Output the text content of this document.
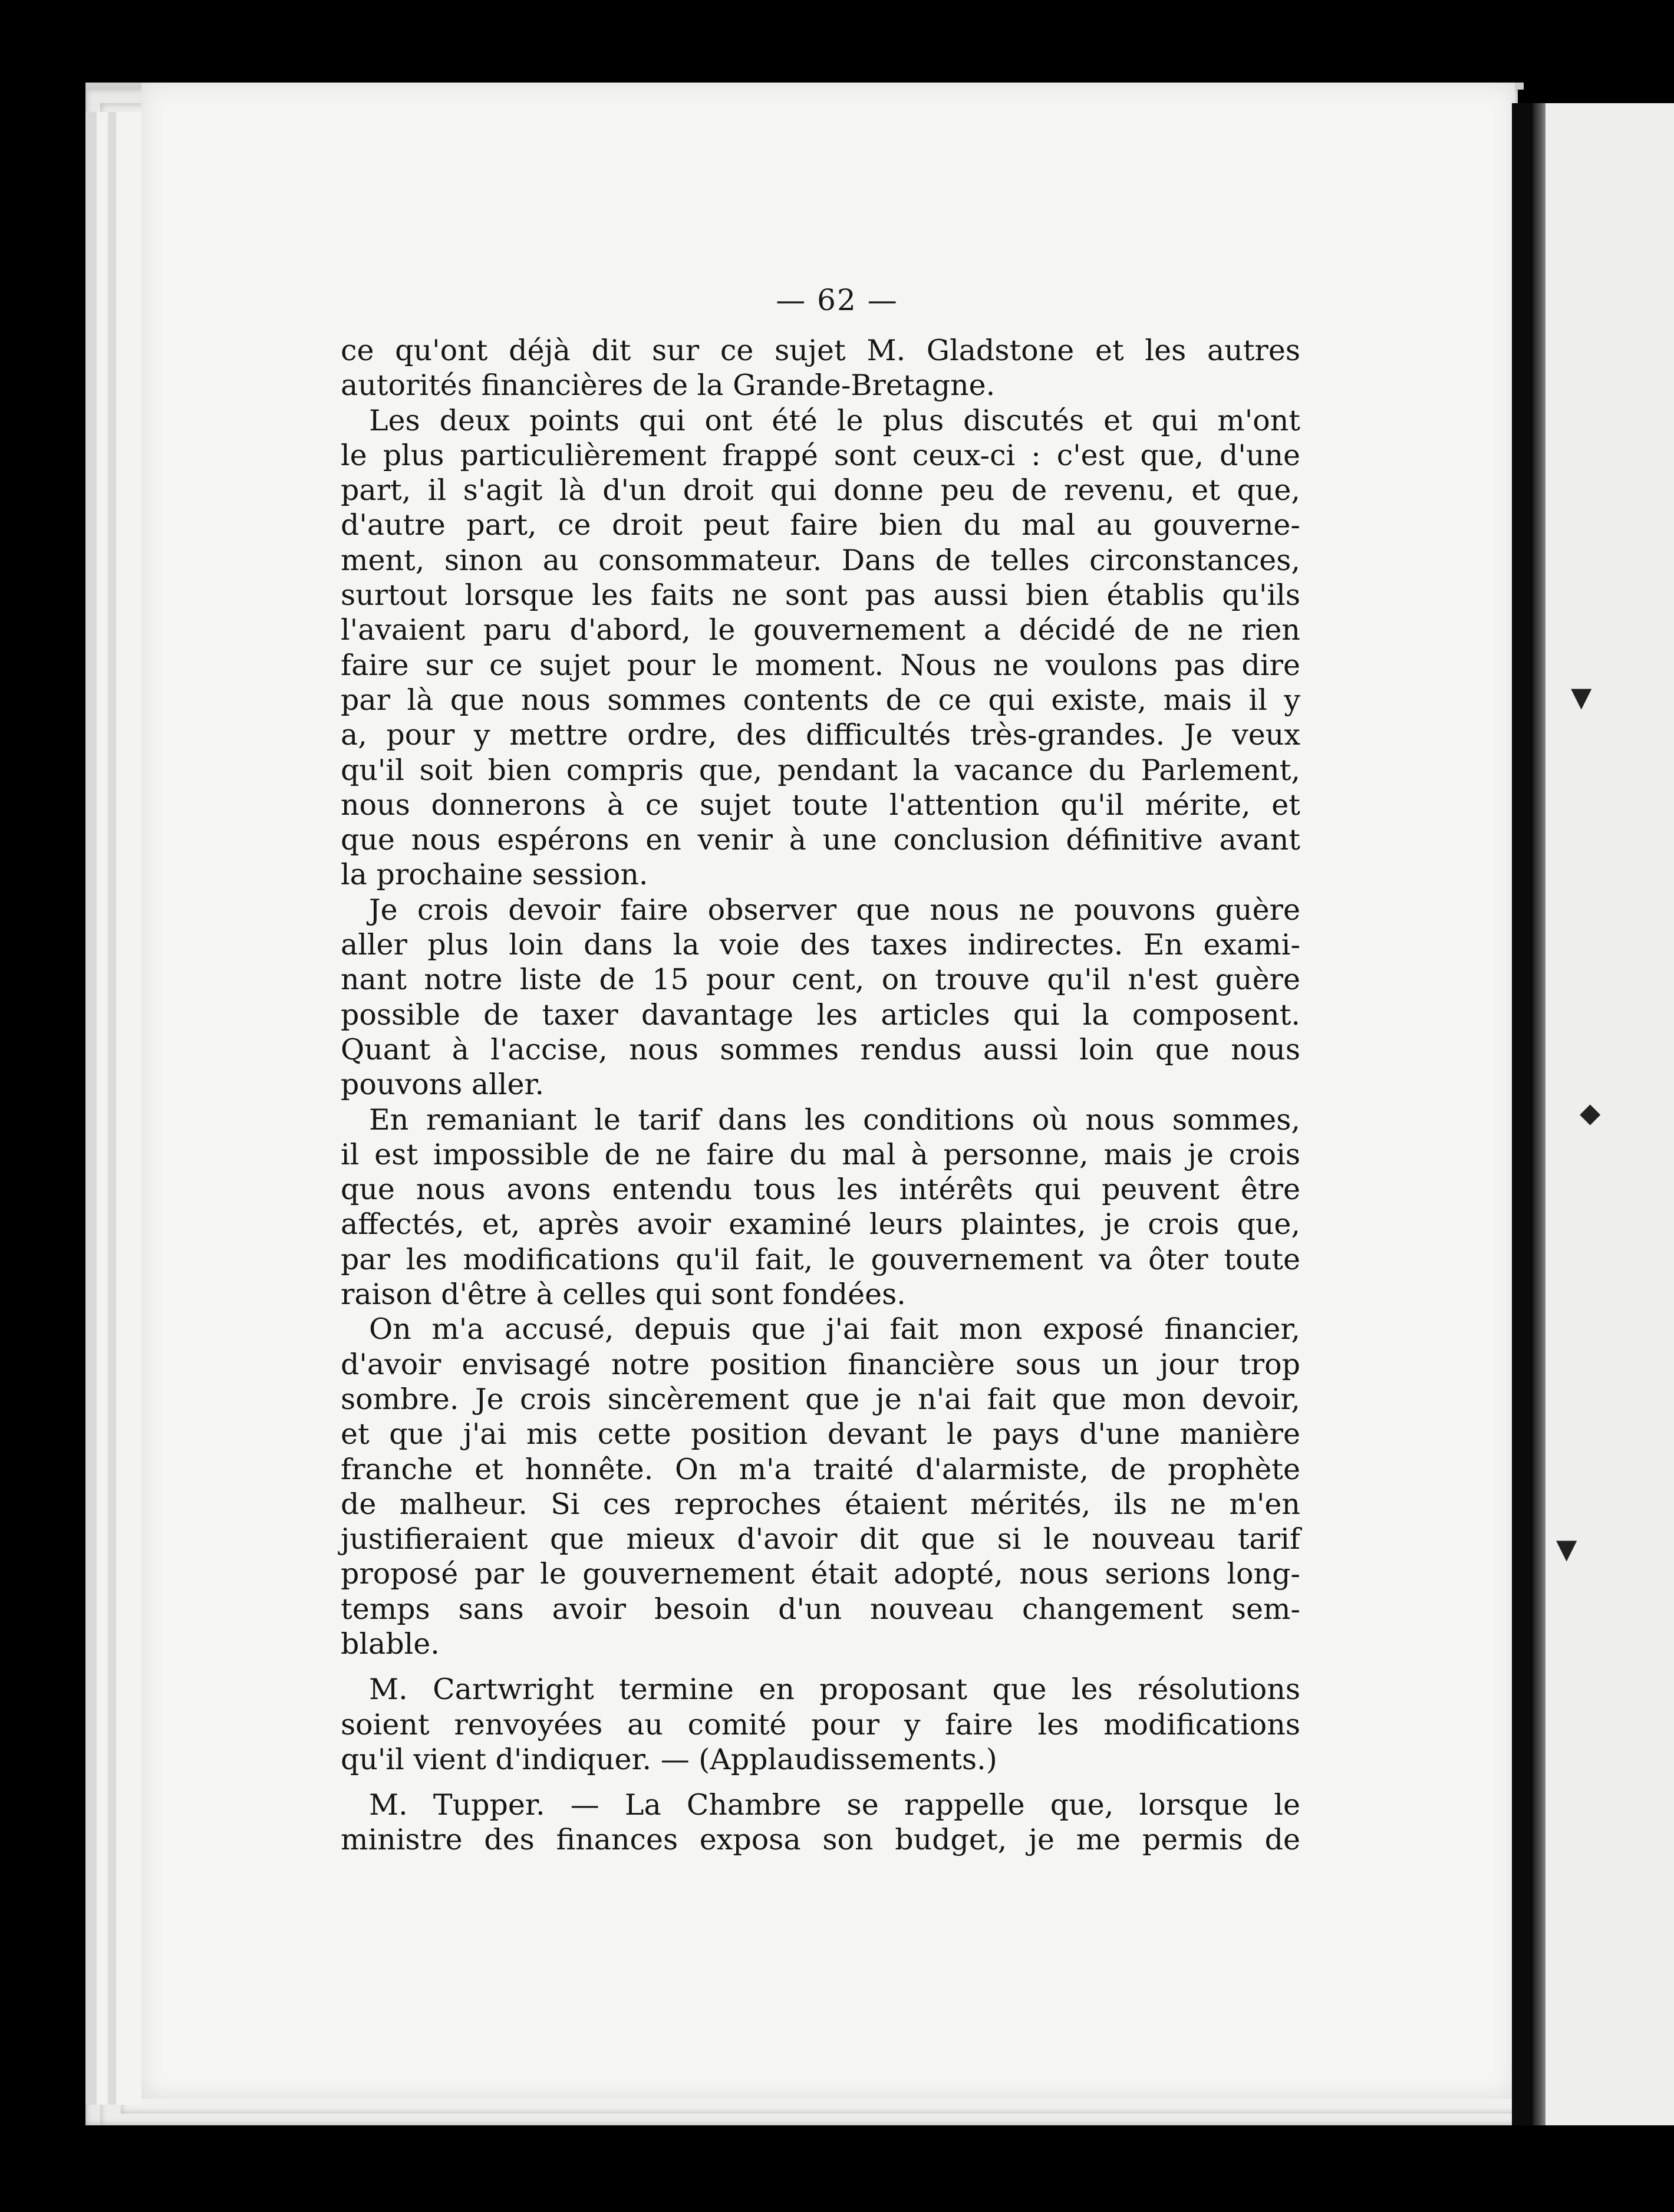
▼
◆
▼
— 62 —

ce qu'ont déjà dit sur ce sujet M. Gladstone et les autres

autorités financières de la Grande-Bretagne.

Les deux points qui ont été le plus discutés et qui m'ont

le plus particulièrement frappé sont ceux-ci : c'est que, d'une

part, il s'agit là d'un droit qui donne peu de revenu, et que,

d'autre part, ce droit peut faire bien du mal au gouverne-

ment, sinon au consommateur. Dans de telles circonstances,

surtout lorsque les faits ne sont pas aussi bien établis qu'ils

l'avaient paru d'abord, le gouvernement a décidé de ne rien

faire sur ce sujet pour le moment. Nous ne voulons pas dire

par là que nous sommes contents de ce qui existe, mais il y

a, pour y mettre ordre, des difficultés très-grandes. Je veux

qu'il soit bien compris que, pendant la vacance du Parlement,

nous donnerons à ce sujet toute l'attention qu'il mérite, et

que nous espérons en venir à une conclusion définitive avant

la prochaine session.

Je crois devoir faire observer que nous ne pouvons guère

aller plus loin dans la voie des taxes indirectes. En exami-

nant notre liste de 15 pour cent, on trouve qu'il n'est guère

possible de taxer davantage les articles qui la composent.

Quant à l'accise, nous sommes rendus aussi loin que nous

pouvons aller.

En remaniant le tarif dans les conditions où nous sommes,

il est impossible de ne faire du mal à personne, mais je crois

que nous avons entendu tous les intérêts qui peuvent être

affectés, et, après avoir examiné leurs plaintes, je crois que,

par les modifications qu'il fait, le gouvernement va ôter toute

raison d'être à celles qui sont fondées.

On m'a accusé, depuis que j'ai fait mon exposé financier,

d'avoir envisagé notre position financière sous un jour trop

sombre. Je crois sincèrement que je n'ai fait que mon devoir,

et que j'ai mis cette position devant le pays d'une manière

franche et honnête. On m'a traité d'alarmiste, de prophète

de malheur. Si ces reproches étaient mérités, ils ne m'en

justifieraient que mieux d'avoir dit que si le nouveau tarif

proposé par le gouvernement était adopté, nous serions long-

temps sans avoir besoin d'un nouveau changement sem-

blable.

M. Cartwright termine en proposant que les résolutions

soient renvoyées au comité pour y faire les modifications

qu'il vient d'indiquer. — (Applaudissements.)

M. Tupper. — La Chambre se rappelle que, lorsque le

ministre des finances exposa son budget, je me permis de
